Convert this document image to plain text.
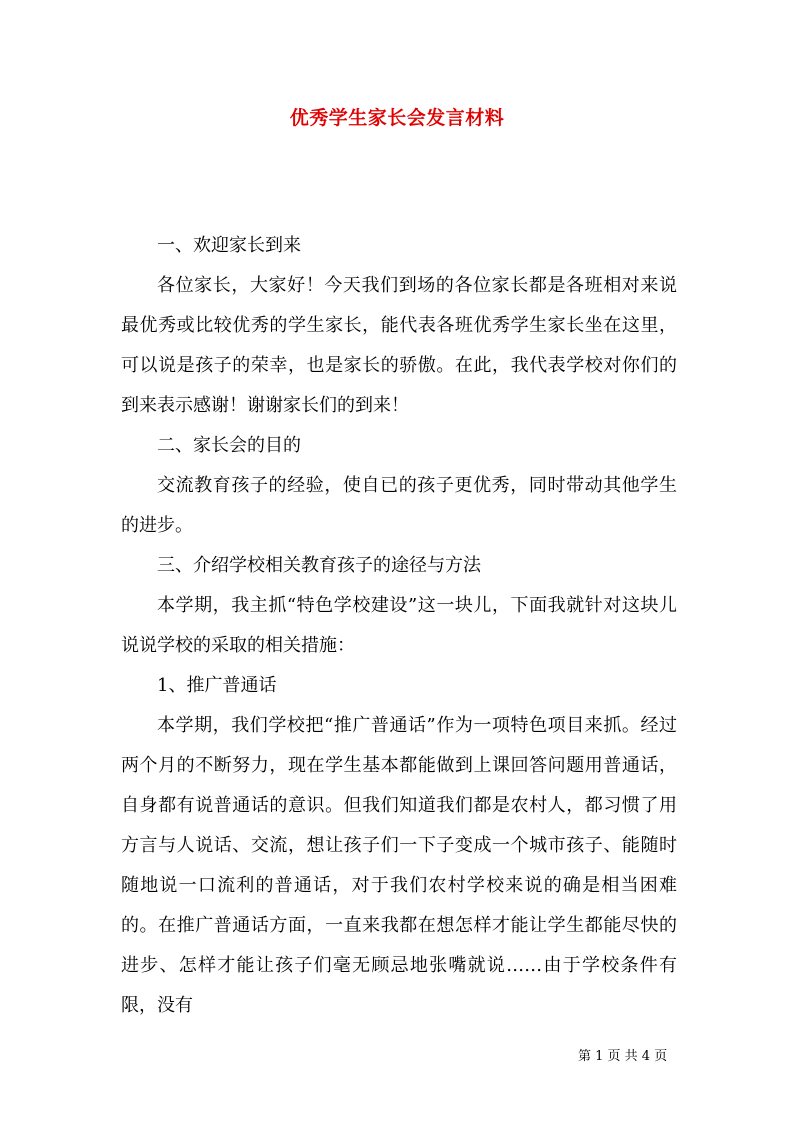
优秀学生家长会发言材料

一、欢迎家长到来

各位家长，大家好！今天我们到场的各位家长都是各班相对来说最优秀或比较优秀的学生家长，能代表各班优秀学生家长坐在这里，可以说是孩子的荣幸，也是家长的骄傲。在此，我代表学校对你们的到来表示感谢！谢谢家长们的到来！

二、家长会的目的

交流教育孩子的经验，使自已的孩子更优秀，同时带动其他学生的进步。

三、介绍学校相关教育孩子的途径与方法

本学期，我主抓“特色学校建设”这一块儿，下面我就针对这块儿说说学校的采取的相关措施：

1、推广普通话

本学期，我们学校把“推广普通话”作为一项特色项目来抓。经过两个月的不断努力，现在学生基本都能做到上课回答问题用普通话，自身都有说普通话的意识。但我们知道我们都是农村人，都习惯了用方言与人说话、交流，想让孩子们一下子变成一个城市孩子、能随时随地说一口流利的普通话，对于我们农村学校来说的确是相当困难的。在推广普通话方面，一直来我都在想怎样才能让学生都能尽快的进步、怎样才能让孩子们毫无顾忌地张嘴就说……由于学校条件有限，没有

第 1 页 共 4 页
